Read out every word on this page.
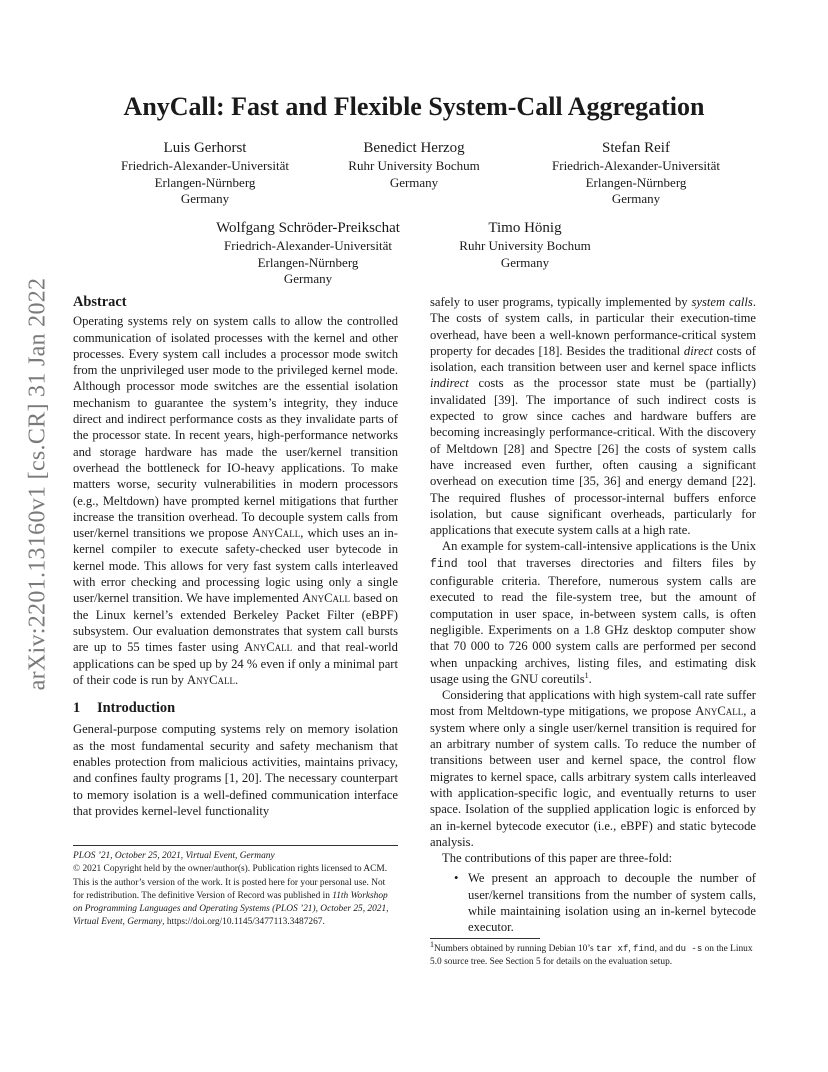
arXiv:2201.13160v1 [cs.CR] 31 Jan 2022
AnyCall: Fast and Flexible System-Call Aggregation
Luis Gerhorst
Friedrich-Alexander-Universität
Erlangen-Nürnberg
Germany
Benedict Herzog
Ruhr University Bochum
Germany
Stefan Reif
Friedrich-Alexander-Universität
Erlangen-Nürnberg
Germany
Wolfgang Schröder-Preikschat
Friedrich-Alexander-Universität
Erlangen-Nürnberg
Germany
Timo Hönig
Ruhr University Bochum
Germany
Abstract

Operating systems rely on system calls to allow the controlled communication of isolated processes with the kernel and other processes. Every system call includes a processor mode switch from the unprivileged user mode to the privileged kernel mode. Although processor mode switches are the essential isolation mechanism to guarantee the system’s integrity, they induce direct and indirect performance costs as they invalidate parts of the processor state. In recent years, high-performance networks and storage hardware has made the user/kernel transition overhead the bottleneck for IO-heavy applications. To make matters worse, security vulnerabilities in modern processors (e.g., Meltdown) have prompted kernel mitigations that further increase the transition overhead. To decouple system calls from user/kernel transitions we propose AnyCall, which uses an in-kernel compiler to execute safety-checked user bytecode in kernel mode. This allows for very fast system calls interleaved with error checking and processing logic using only a single user/kernel transition. We have implemented AnyCall based on the Linux kernel’s extended Berkeley Packet Filter (eBPF) subsystem. Our evaluation demonstrates that system call bursts are up to 55 times faster using AnyCall and that real-world applications can be sped up by 24 % even if only a minimal part of their code is run by AnyCall.

1 Introduction

General-purpose computing systems rely on memory isolation as the most fundamental security and safety mechanism that enables protection from malicious activities, maintains privacy, and confines faulty programs [1, 20]. The necessary counterpart to memory isolation is a well-defined communication interface that provides kernel-level functionality

PLOS ’21, October 25, 2021, Virtual Event, Germany

© 2021 Copyright held by the owner/author(s). Publication rights licensed to ACM.

This is the author’s version of the work. It is posted here for your personal use. Not for redistribution. The definitive Version of Record was published in 11th Workshop on Programming Languages and Operating Systems (PLOS ’21), October 25, 2021, Virtual Event, Germany, https://doi.org/10.1145/3477113.3487267.

safely to user programs, typically implemented by system calls. The costs of system calls, in particular their execution-time overhead, have been a well-known performance-critical system property for decades [18]. Besides the traditional direct costs of isolation, each transition between user and kernel space inflicts indirect costs as the processor state must be (partially) invalidated [39]. The importance of such indirect costs is expected to grow since caches and hardware buffers are becoming increasingly performance-critical. With the discovery of Meltdown [28] and Spectre [26] the costs of system calls have increased even further, often causing a significant overhead on execution time [35, 36] and energy demand [22]. The required flushes of processor-internal buffers enforce isolation, but cause significant overheads, particularly for applications that execute system calls at a high rate.

An example for system-call-intensive applications is the Unix find tool that traverses directories and filters files by configurable criteria. Therefore, numerous system calls are executed to read the file-system tree, but the amount of computation in user space, in-between system calls, is often negligible. Experiments on a 1.8 GHz desktop computer show that 70 000 to 726 000 system calls are performed per second when unpacking archives, listing files, and estimating disk usage using the GNU coreutils$^1$.

Considering that applications with high system-call rate suffer most from Meltdown-type mitigations, we propose AnyCall, a system where only a single user/kernel transition is required for an arbitrary number of system calls. To reduce the number of transitions between user and kernel space, the control flow migrates to kernel space, calls arbitrary system calls interleaved with application-specific logic, and eventually returns to user space. Isolation of the supplied application logic is enforced by an in-kernel bytecode executor (i.e., eBPF) and static bytecode analysis.

The contributions of this paper are three-fold:

• We present an approach to decouple the number of user/kernel transitions from the number of system calls, while maintaining isolation using an in-kernel bytecode executor.

$^1$Numbers obtained by running Debian 10’s tar xf, find, and du -s on the Linux 5.0 source tree. See Section 5 for details on the evaluation setup.
